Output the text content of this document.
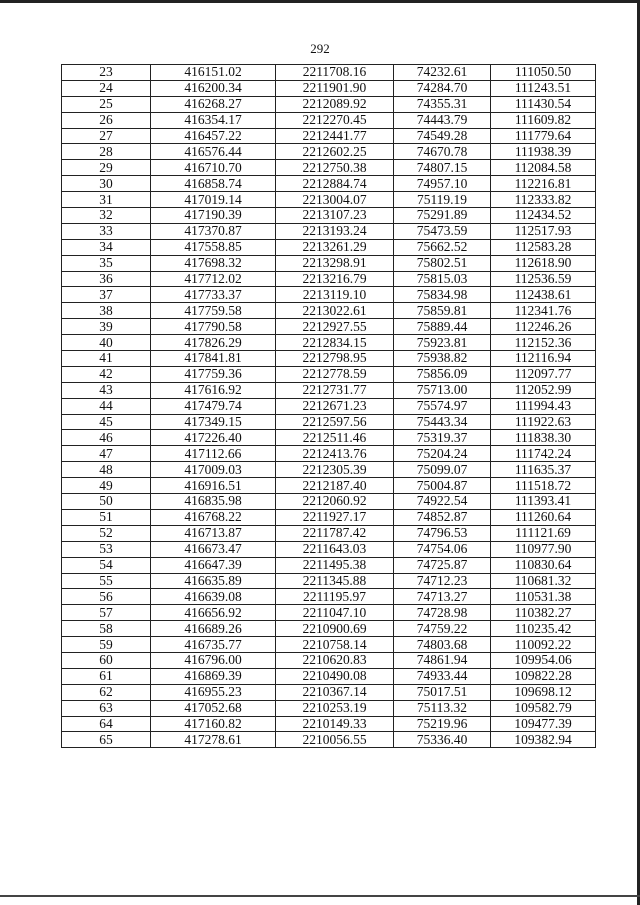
292
23	416151.02	2211708.16	74232.61	111050.50
24	416200.34	2211901.90	74284.70	111243.51
25	416268.27	2212089.92	74355.31	111430.54
26	416354.17	2212270.45	74443.79	111609.82
27	416457.22	2212441.77	74549.28	111779.64
28	416576.44	2212602.25	74670.78	111938.39
29	416710.70	2212750.38	74807.15	112084.58
30	416858.74	2212884.74	74957.10	112216.81
31	417019.14	2213004.07	75119.19	112333.82
32	417190.39	2213107.23	75291.89	112434.52
33	417370.87	2213193.24	75473.59	112517.93
34	417558.85	2213261.29	75662.52	112583.28
35	417698.32	2213298.91	75802.51	112618.90
36	417712.02	2213216.79	75815.03	112536.59
37	417733.37	2213119.10	75834.98	112438.61
38	417759.58	2213022.61	75859.81	112341.76
39	417790.58	2212927.55	75889.44	112246.26
40	417826.29	2212834.15	75923.81	112152.36
41	417841.81	2212798.95	75938.82	112116.94
42	417759.36	2212778.59	75856.09	112097.77
43	417616.92	2212731.77	75713.00	112052.99
44	417479.74	2212671.23	75574.97	111994.43
45	417349.15	2212597.56	75443.34	111922.63
46	417226.40	2212511.46	75319.37	111838.30
47	417112.66	2212413.76	75204.24	111742.24
48	417009.03	2212305.39	75099.07	111635.37
49	416916.51	2212187.40	75004.87	111518.72
50	416835.98	2212060.92	74922.54	111393.41
51	416768.22	2211927.17	74852.87	111260.64
52	416713.87	2211787.42	74796.53	111121.69
53	416673.47	2211643.03	74754.06	110977.90
54	416647.39	2211495.38	74725.87	110830.64
55	416635.89	2211345.88	74712.23	110681.32
56	416639.08	2211195.97	74713.27	110531.38
57	416656.92	2211047.10	74728.98	110382.27
58	416689.26	2210900.69	74759.22	110235.42
59	416735.77	2210758.14	74803.68	110092.22
60	416796.00	2210620.83	74861.94	109954.06
61	416869.39	2210490.08	74933.44	109822.28
62	416955.23	2210367.14	75017.51	109698.12
63	417052.68	2210253.19	75113.32	109582.79
64	417160.82	2210149.33	75219.96	109477.39
65	417278.61	2210056.55	75336.40	109382.94
